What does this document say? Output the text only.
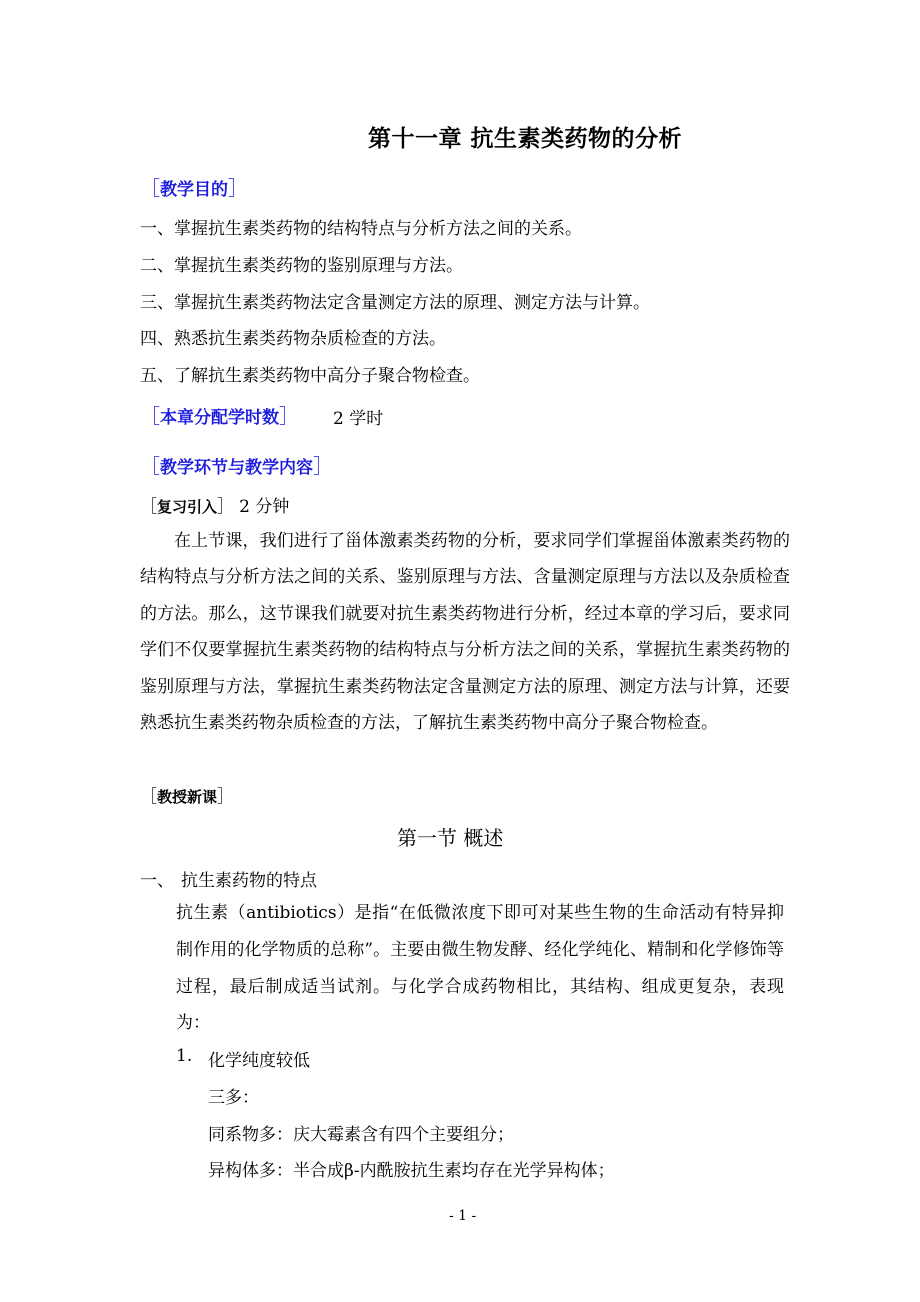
第十一章 抗生素类药物的分析
［教学目的］
一、掌握抗生素类药物的结构特点与分析方法之间的关系。
二、掌握抗生素类药物的鉴别原理与方法。
三、掌握抗生素类药物法定含量测定方法的原理、测定方法与计算。
四、熟悉抗生素类药物杂质检查的方法。
五、了解抗生素类药物中高分子聚合物检查。
［本章分配学时数］ 2 学时
［教学环节与教学内容］
［复习引入］ 2 分钟

在上节课，我们进行了甾体激素类药物的分析，要求同学们掌握甾体激素类药物的结构特点与分析方法之间的关系、鉴别原理与方法、含量测定原理与方法以及杂质检查的方法。那么，这节课我们就要对抗生素类药物进行分析，经过本章的学习后，要求同学们不仅要掌握抗生素类药物的结构特点与分析方法之间的关系，掌握抗生素类药物的鉴别原理与方法，掌握抗生素类药物法定含量测定方法的原理、测定方法与计算，还要熟悉抗生素类药物杂质检查的方法，了解抗生素类药物中高分子聚合物检查。

［教授新课］
第一节 概述
一、 抗生素药物的特点
抗生素（antibiotics）是指“在低微浓度下即可对某些生物的生命活动有特异抑制作用的化学物质的总称”。主要由微生物发酵、经化学纯化、精制和化学修饰等过程，最后制成适当试剂。与化学合成药物相比，其结构、组成更复杂，表现为：
1. 化学纯度较低
三多：
同系物多：庆大霉素含有四个主要组分；
异构体多：半合成β-内酰胺抗生素均存在光学异构体；
- 1 -
